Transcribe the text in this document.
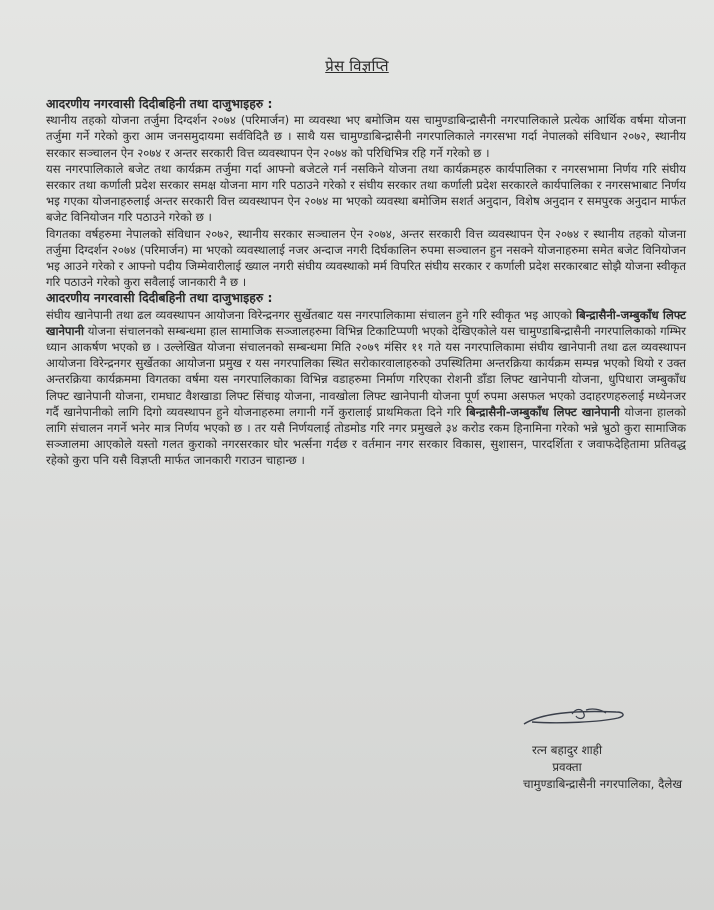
प्रेस विज्ञप्ति

आदरणीय नगरवासी दिदीबहिनी तथा दाजुभाइहरु :

स्थानीय तहको योजना तर्जुमा दिग्दर्शन २०७४ (परिमार्जन) मा व्यवस्था भए बमोजिम यस चामुण्डाबिन्द्रासैनी नगरपालिकाले प्रत्येक आर्थिक वर्षमा योजना तर्जुमा गर्ने गरेको कुरा आम जनसमुदायमा सर्वविदितै छ । साथै यस चामुण्डाबिन्द्रासैनी नगरपालिकाले नगरसभा गर्दा नेपालको संविधान २०७२, स्थानीय सरकार सञ्चालन ऐन २०७४ र अन्तर सरकारी वित्त व्यवस्थापन ऐन २०७४ को परिधिभित्र रहि गर्ने गरेको छ ।

यस नगरपालिकाले बजेट तथा कार्यक्रम तर्जुमा गर्दा आफ्नो बजेटले गर्न नसकिने योजना तथा कार्यक्रमहरु कार्यपालिका र नगरसभामा निर्णय गरि संघीय सरकार तथा कर्णाली प्रदेश सरकार समक्ष योजना माग गरि पठाउने गरेको र संघीय सरकार तथा कर्णाली प्रदेश सरकारले कार्यपालिका र नगरसभाबाट निर्णय भइ गएका योजनाहरुलाई अन्तर सरकारी वित्त व्यवस्थापन ऐन २०७४ मा भएको व्यवस्था बमोजिम सशर्त अनुदान, विशेष अनुदान र समपुरक अनुदान मार्फत बजेट विनियोजन गरि पठाउने गरेको छ ।

विगतका वर्षहरुमा नेपालको संविधान २०७२, स्थानीय सरकार सञ्चालन ऐन २०७४, अन्तर सरकारी वित्त व्यवस्थापन ऐन २०७४ र स्थानीय तहको योजना तर्जुमा दिग्दर्शन २०७४ (परिमार्जन) मा भएको व्यवस्थालाई नजर अन्दाज नगरी दिर्घकालिन रुपमा सञ्चालन हुन नसक्ने योजनाहरुमा समेत बजेट विनियोजन भइ आउने गरेको र आफ्नो पदीय जिम्मेवारीलाई ख्याल नगरी संघीय व्यवस्थाको मर्म विपरित संघीय सरकार र कर्णाली प्रदेश सरकारबाट सोझै योजना स्वीकृत गरि पठाउने गरेको कुरा सवैलाई जानकारी नै छ ।

आदरणीय नगरवासी दिदीबहिनी तथा दाजुभाइहरु :

संघीय खानेपानी तथा ढल व्यवस्थापन आयोजना विरेन्द्रनगर सुर्खेतबाट यस नगरपालिकामा संचालन हुने गरि स्वीकृत भइ आएको बिन्द्रासैनी-जम्बुकाँध लिफ्ट खानेपानी योजना संचालनको सम्बन्धमा हाल सामाजिक सञ्जालहरुमा विभिन्न टिकाटिप्पणी भएको देखिएकोले यस चामुण्डाबिन्द्रासैनी नगरपालिकाको गम्भिर ध्यान आकर्षण भएको छ । उल्लेखित योजना संचालनको सम्बन्धमा मिति २०७९ मंसिर ११ गते यस नगरपालिकामा संघीय खानेपानी तथा ढल व्यवस्थापन आयोजना विरेन्द्रनगर सुर्खेतका आयोजना प्रमुख र यस नगरपालिका स्थित सरोकारवालाहरुको उपस्थितिमा अन्तरक्रिया कार्यक्रम सम्पन्न भएको थियो र उक्त अन्तरक्रिया कार्यक्रममा विगतका वर्षमा यस नगरपालिकाका विभिन्न वडाहरुमा निर्माण गरिएका रोशनी डाँडा लिफ्ट खानेपानी योजना, धुपिधारा जम्बुकाँध लिफ्ट खानेपानी योजना, रामघाट वैशखाडा लिफ्ट सिंचाइ योजना, नावखोला लिफ्ट खानेपानी योजना पूर्ण रुपमा असफल भएको उदाहरणहरुलाई मध्येनजर गर्दै खानेपानीको लागि दिगो व्यवस्थापन हुने योजनाहरुमा लगानी गर्ने कुरालाई प्राथमिकता दिने गरि बिन्द्रासैनी-जम्बुकाँध लिफ्ट खानेपानी योजना हालको लागि संचालन नगर्ने भनेर मात्र निर्णय भएको छ । तर यसै निर्णयलाई तोडमोड गरि नगर प्रमुखले ३४ करोड रकम हिनामिना गरेको भन्ने भ्रुठो कुरा सामाजिक सञ्जालमा आएकोले यस्तो गलत कुराको नगरसरकार घोर भर्त्सना गर्दछ र वर्तमान नगर सरकार विकास, सुशासन, पारदर्शिता र जवाफदेहितामा प्रतिवद्ध रहेको कुरा पनि यसै विज्ञप्ती मार्फत जानकारी गराउन चाहान्छ ।

रत्न बहादुर शाही
प्रवक्ता
चामुण्डाबिन्द्रासैनी नगरपालिका, दैलेख
